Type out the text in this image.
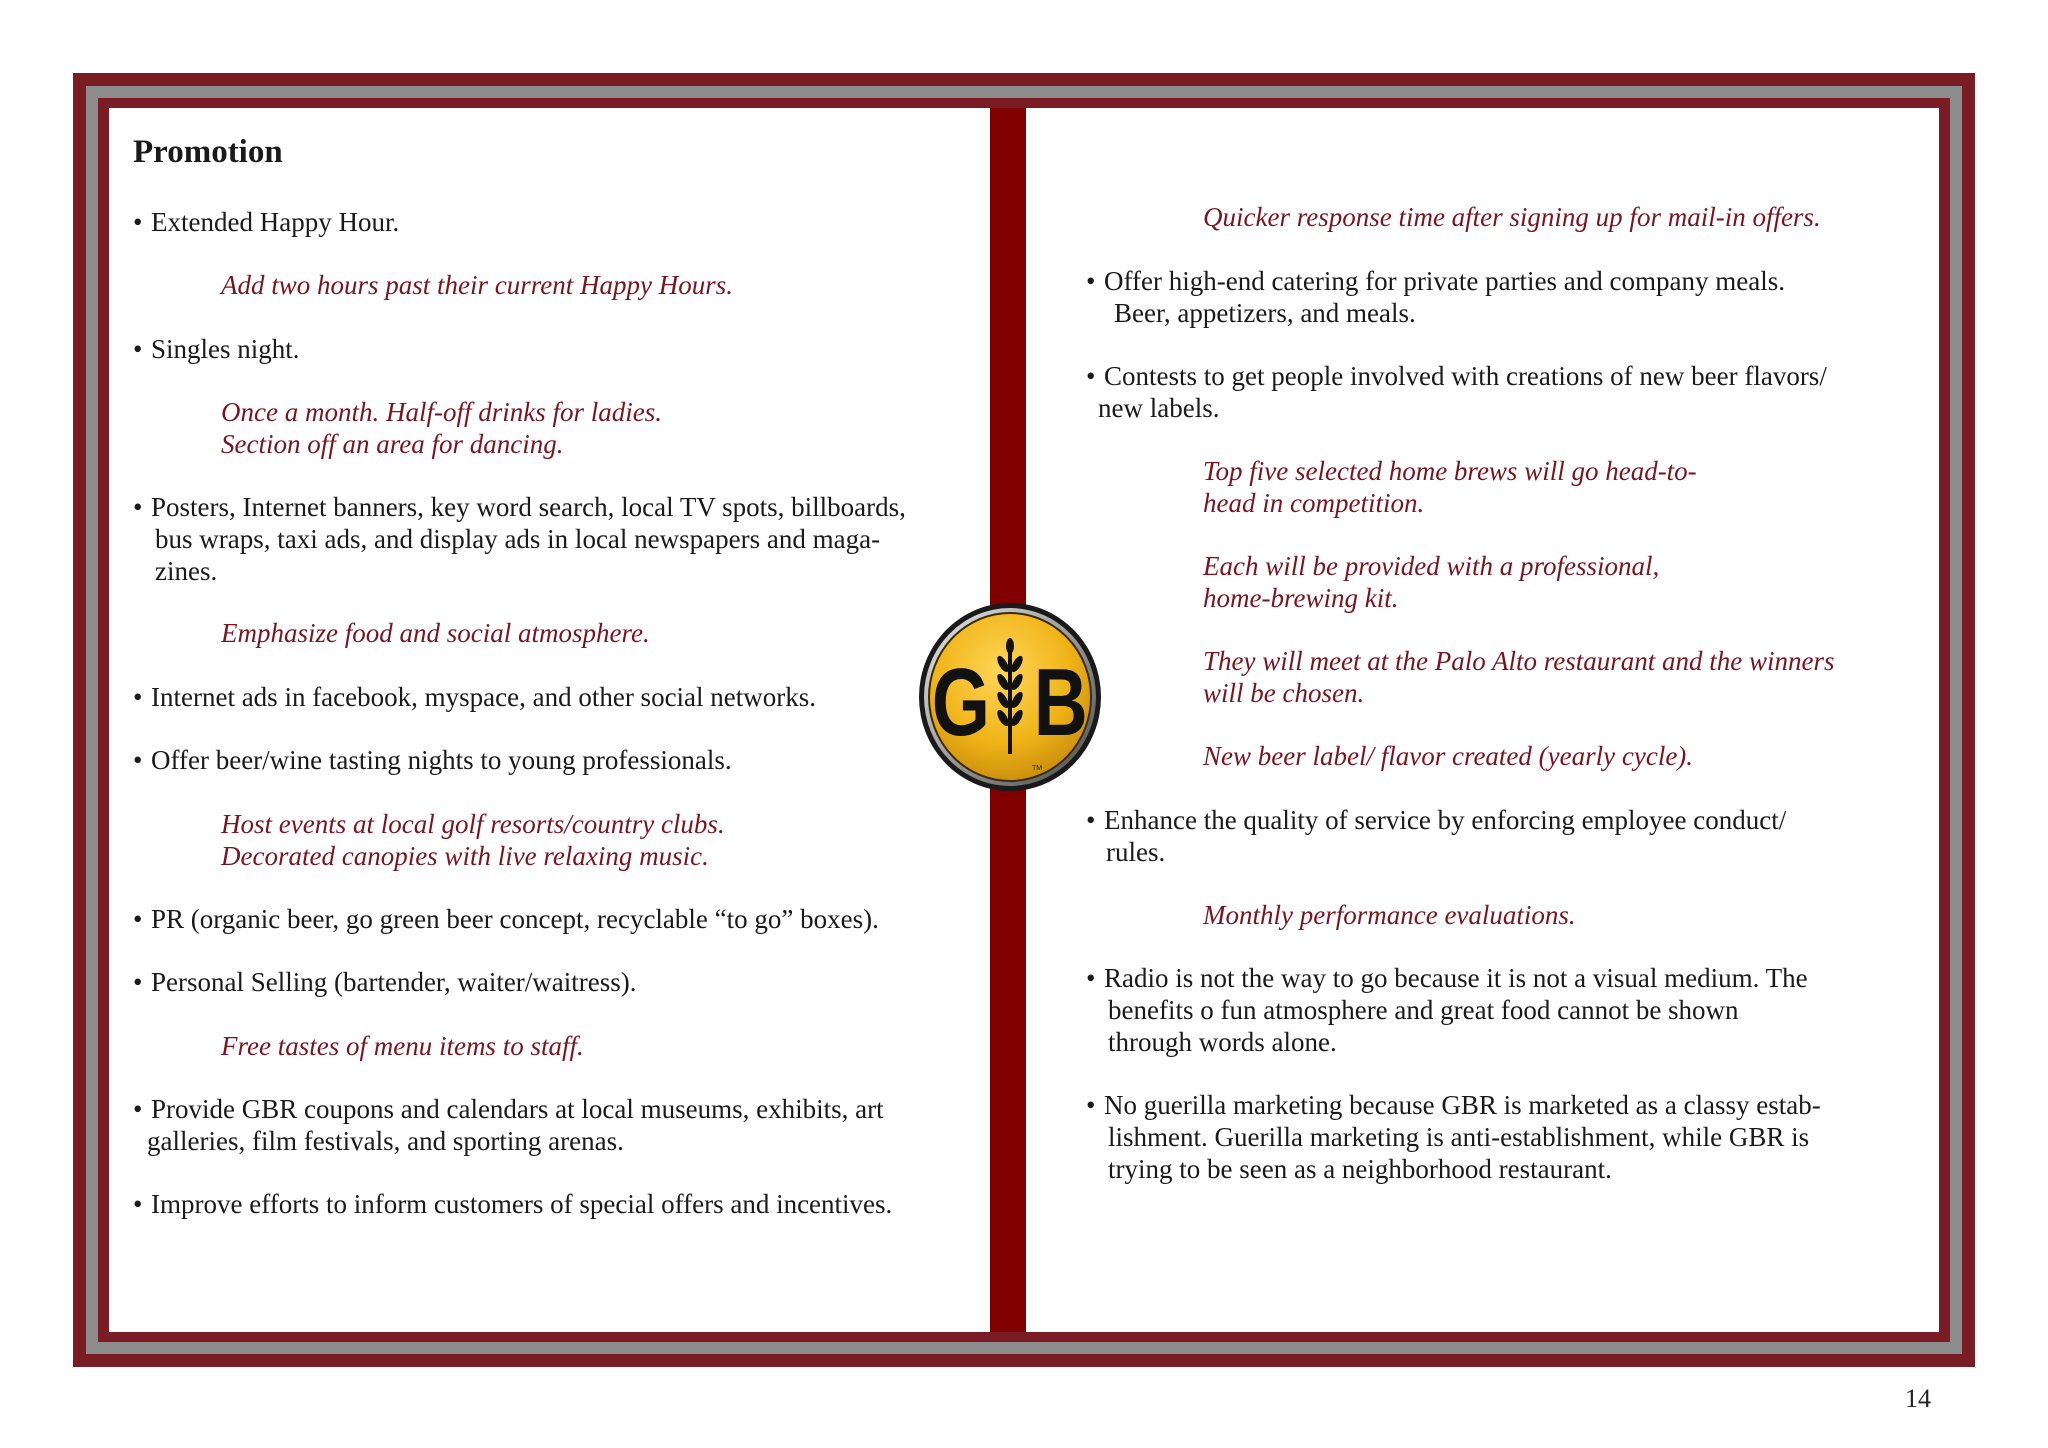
Promotion
• Extended Happy Hour.
Add two hours past their current Happy Hours.
• Singles night.
Once a month. Half-off drinks for ladies.
Section off an area for dancing.
• Posters, Internet banners, key word search, local TV spots, billboards,
bus wraps, taxi ads, and display ads in local newspapers and maga-
zines.
Emphasize food and social atmosphere.
• Internet ads in facebook, myspace, and other social networks.
• Offer beer/wine tasting nights to young professionals.
Host events at local golf resorts/country clubs.
Decorated canopies with live relaxing music.
• PR (organic beer, go green beer concept, recyclable “to go” boxes).
• Personal Selling (bartender, waiter/waitress).
Free tastes of menu items to staff.
• Provide GBR coupons and calendars at local museums, exhibits, art
galleries, film festivals, and sporting arenas.
• Improve efforts to inform customers of special offers and incentives.
Quicker response time after signing up for mail-in offers.
• Offer high-end catering for private parties and company meals.
Beer, appetizers, and meals.
• Contests to get people involved with creations of new beer flavors/
new labels.
Top five selected home brews will go head-to-
head in competition.
Each will be provided with a professional,
home-brewing kit.
They will meet at the Palo Alto restaurant and the winners
will be chosen.
New beer label/ flavor created (yearly cycle).
• Enhance the quality of service by enforcing employee conduct/
rules.
Monthly performance evaluations.
• Radio is not the way to go because it is not a visual medium. The
benefits o fun atmosphere and great food cannot be shown
through words alone.
• No guerilla marketing because GBR is marketed as a classy estab-
lishment. Guerilla marketing is anti-establishment, while GBR is
trying to be seen as a neighborhood restaurant.
G B
TM
14
